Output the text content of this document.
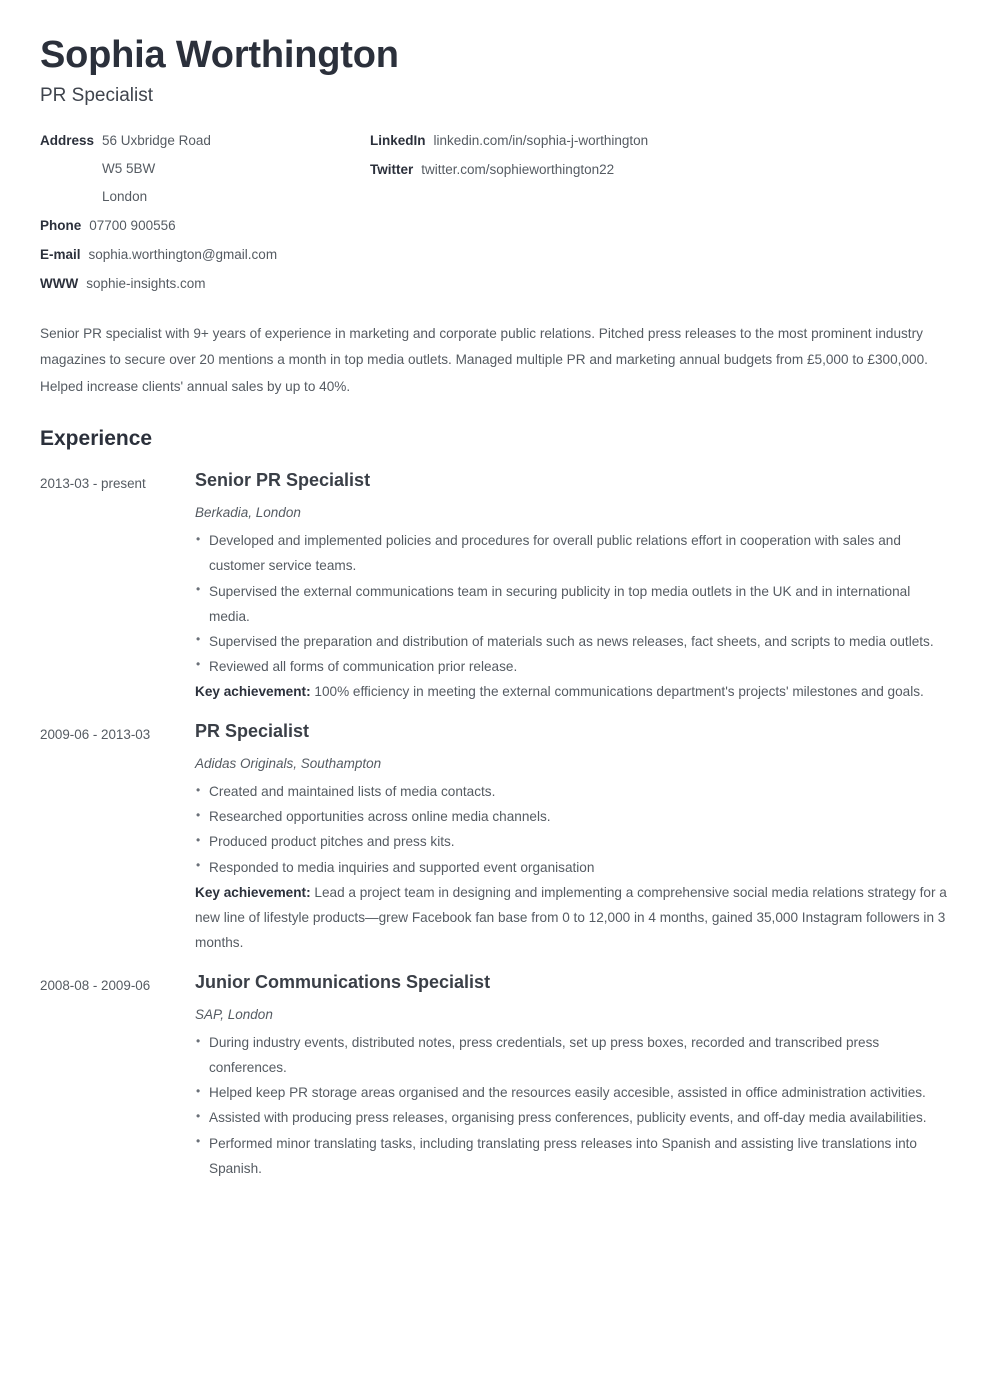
Sophia Worthington
PR Specialist
Address 56 Uxbridge Road
W5 5BW
London
Phone 07700 900556
E-mail sophia.worthington@gmail.com
WWW sophie-insights.com
LinkedIn linkedin.com/in/sophia-j-worthington
Twitter twitter.com/sophieworthington22

Senior PR specialist with 9+ years of experience in marketing and corporate public relations. Pitched press releases to the most prominent industry magazines to secure over 20 mentions a month in top media outlets. Managed multiple PR and marketing annual budgets from £5,000 to £300,000. Helped increase clients' annual sales by up to 40%.

Experience
2013-03 - present	Senior PR Specialist
Berkadia, London
• Developed and implemented policies and procedures for overall public relations effort in cooperation with sales and customer service teams.
• Supervised the external communications team in securing publicity in top media outlets in the UK and in international media.
• Supervised the preparation and distribution of materials such as news releases, fact sheets, and scripts to media outlets.
• Reviewed all forms of communication prior release.

Key achievement: 100% efficiency in meeting the external communications department's projects' milestones and goals.

2009-06 - 2013-03	PR Specialist
Adidas Originals, Southampton
• Created and maintained lists of media contacts.
• Researched opportunities across online media channels.
• Produced product pitches and press kits.
• Responded to media inquiries and supported event organisation

Key achievement: Lead a project team in designing and implementing a comprehensive social media relations strategy for a new line of lifestyle products—grew Facebook fan base from 0 to 12,000 in 4 months, gained 35,000 Instagram followers in 3 months.

2008-08 - 2009-06	Junior Communications Specialist
SAP, London
• During industry events, distributed notes, press credentials, set up press boxes, recorded and transcribed press conferences.
• Helped keep PR storage areas organised and the resources easily accesible, assisted in office administration activities.
• Assisted with producing press releases, organising press conferences, publicity events, and off-day media availabilities.
• Performed minor translating tasks, including translating press releases into Spanish and assisting live translations into Spanish.
